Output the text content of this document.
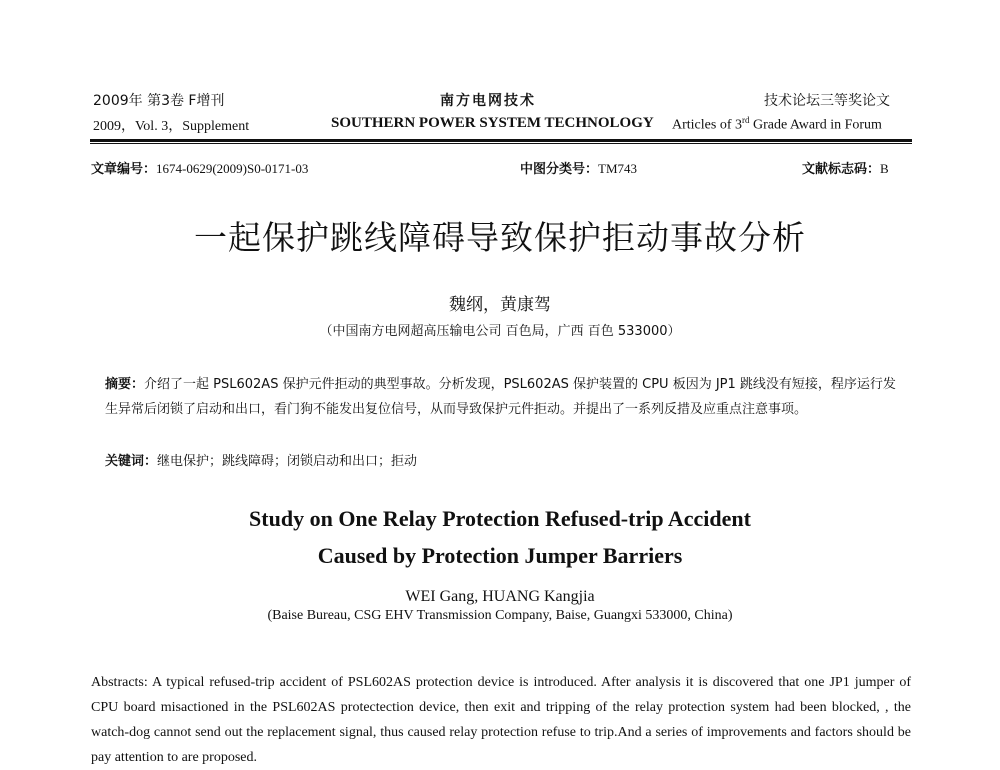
2009年 第3卷 F增刊
2009，Vol. 3，Supplement
南方电网技术
SOUTHERN POWER SYSTEM TECHNOLOGY
技术论坛三等奖论文
Articles of 3rd Grade Award in Forum
文章编号：1674-0629(2009)S0-0171-03	中图分类号：TM743	文献标志码：B
一起保护跳线障碍导致保护拒动事故分析
魏纲，黄康驾
（中国南方电网超高压输电公司 百色局，广西 百色 533000）
摘要：介绍了一起 PSL602AS 保护元件拒动的典型事故。分析发现，PSL602AS 保护装置的 CPU 板因为 JP1 跳线没有短接，程序运行发生异常后闭锁了启动和出口，看门狗不能发出复位信号，从而导致保护元件拒动。并提出了一系列反措及应重点注意事项。
关键词：继电保护；跳线障碍；闭锁启动和出口；拒动
Study on One Relay Protection Refused-trip Accident
Caused by Protection Jumper Barriers
WEI Gang, HUANG Kangjia
(Baise Bureau, CSG EHV Transmission Company, Baise, Guangxi 533000, China)
Abstracts: A typical refused-trip accident of PSL602AS protection device is introduced. After analysis it is discovered that one JP1 jumper of CPU board misactioned in the PSL602AS protectection device, then exit and tripping of the relay protection system had been blocked, , the watch-dog cannot send out the replacement signal, thus caused relay protection refuse to trip.And a series of improvements and factors should be pay attention to are proposed.
